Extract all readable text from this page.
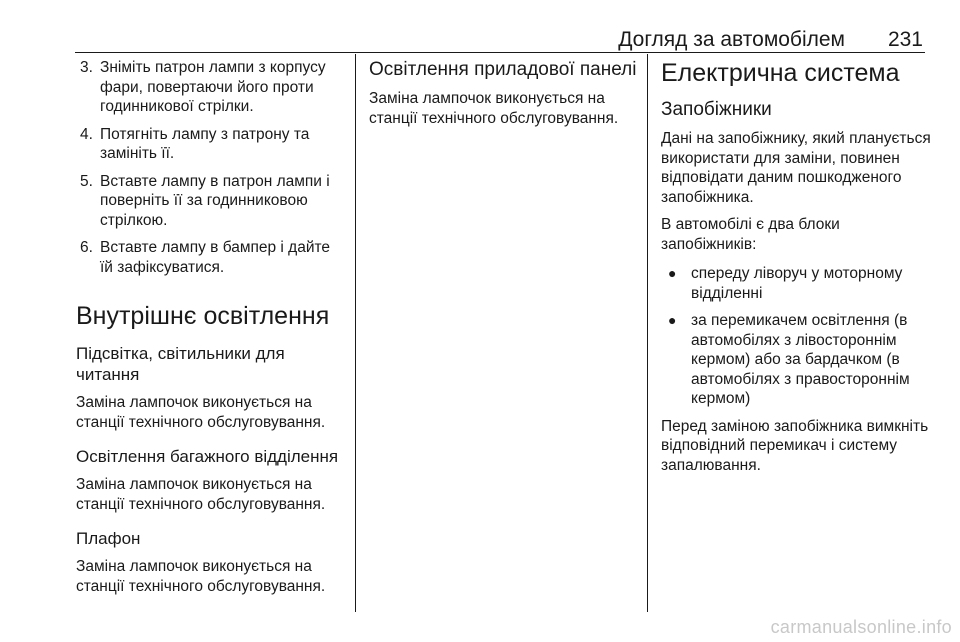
Догляд за автомобілем 231
3. Зніміть патрон лампи з корпусу фари, повертаючи його проти годинникової стрілки.
4. Потягніть лампу з патрону та замініть її.
5. Вставте лампу в патрон лампи і поверніть її за годинниковою стрілкою.
6. Вставте лампу в бампер і дайте їй зафіксуватися.
Внутрішнє освітлення
Підсвітка, світильники для читання

Заміна лампочок виконується на станції технічного обслуговування.

Освітлення багажного відділення

Заміна лампочок виконується на станції технічного обслуговування.

Плафон

Заміна лампочок виконується на станції технічного обслуговування.

Освітлення приладової панелі

Заміна лампочок виконується на станції технічного обслуговування.

Електрична система
Запобіжники

Дані на запобіжнику, який планується використати для заміни, повинен відповідати даним пошкодженого запобіжника.

В автомобілі є два блоки запобіжників:

● спереду ліворуч у моторному відділенні
● за перемикачем освітлення (в автомобілях з лівостороннім кермом) або за бардачком (в автомобілях з правостороннім кермом)

Перед заміною запобіжника вимкніть відповідний перемикач і систему запалювання.

carmanualsonline.info
